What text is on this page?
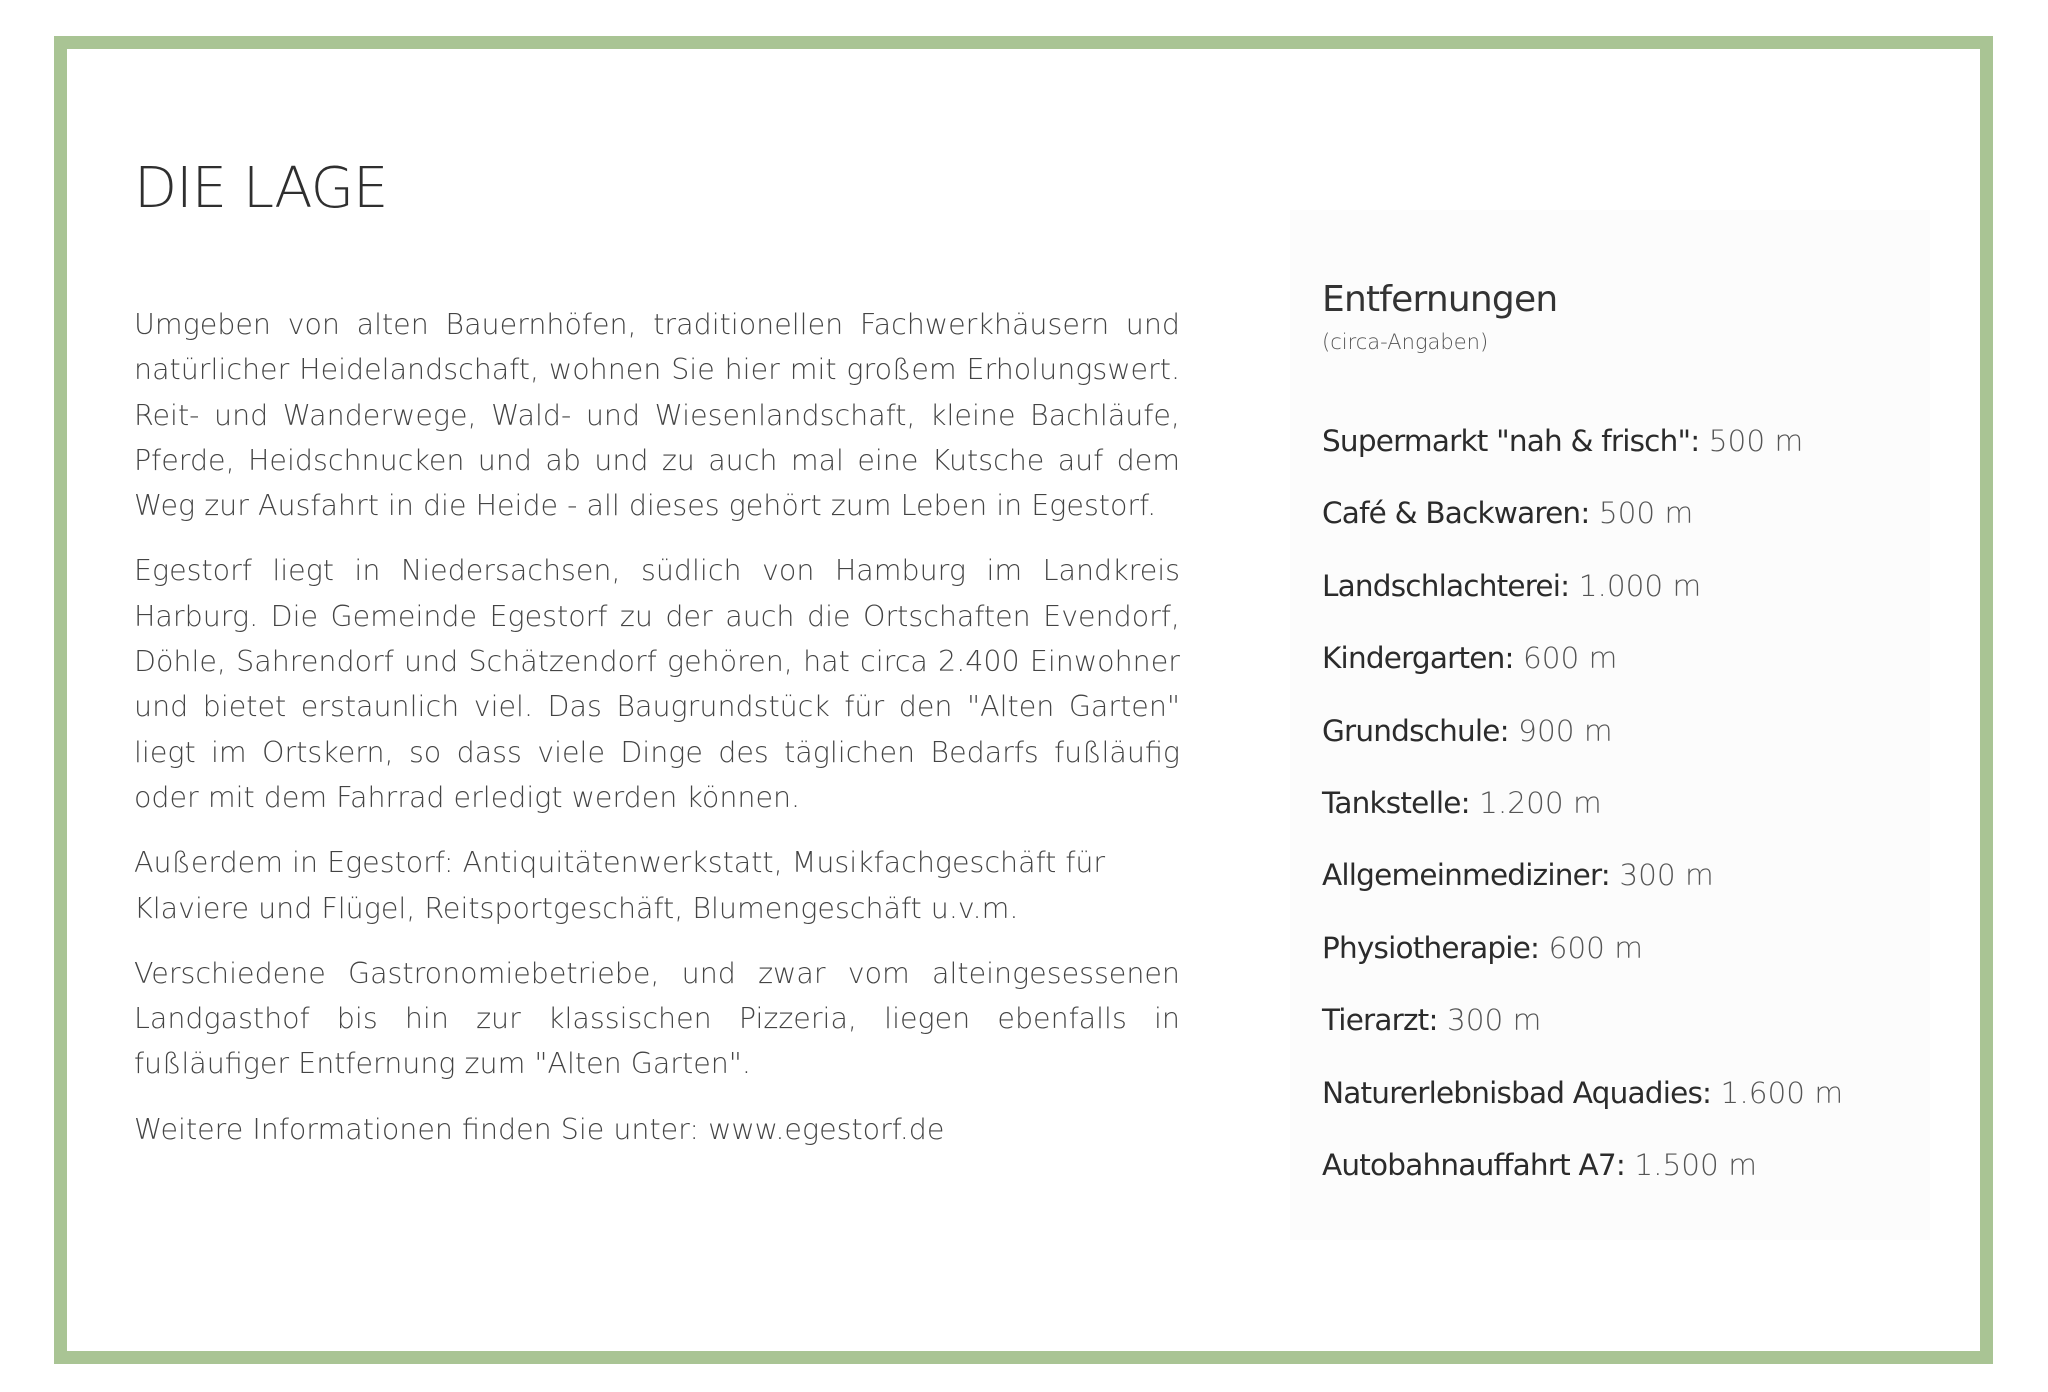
DIE LAGE

Umgeben von alten Bauernhöfen, traditionellen Fachwerkhäusern und natürlicher Heidelandschaft, wohnen Sie hier mit großem Erholungswert. Reit- und Wanderwege, Wald- und Wiesenlandschaft, kleine Bachläufe, Pferde, Heidschnucken und ab und zu auch mal eine Kutsche auf dem Weg zur Ausfahrt in die Heide - all dieses gehört zum Leben in Egestorf.

Egestorf liegt in Niedersachsen, südlich von Hamburg im Landkreis Harburg. Die Gemeinde Egestorf zu der auch die Ortschaften Evendorf, Döhle, Sahrendorf und Schätzendorf gehören, hat circa 2.400 Einwohner und bietet erstaunlich viel. Das Baugrundstück für den "Alten Garten" liegt im Ortskern, so dass viele Dinge des täglichen Bedarfs fußläufig oder mit dem Fahrrad erledigt werden können.

Außerdem in Egestorf: Antiquitätenwerkstatt, Musikfachgeschäft für Klaviere und Flügel, Reitsportgeschäft, Blumengeschäft u.v.m.

Verschiedene Gastronomiebetriebe, und zwar vom alteingesessenen Landgasthof bis hin zur klassischen Pizzeria, liegen ebenfalls in fußläufiger Entfernung zum "Alten Garten".

Weitere Informationen finden Sie unter: www.egestorf.de

Entfernungen

(circa-Angaben)

Supermarkt "nah & frisch": 500 m
Café & Backwaren: 500 m
Landschlachterei: 1.000 m
Kindergarten: 600 m
Grundschule: 900 m
Tankstelle: 1.200 m
Allgemeinmediziner: 300 m
Physiotherapie: 600 m
Tierarzt: 300 m
Naturerlebnisbad Aquadies: 1.600 m
Autobahnauffahrt A7: 1.500 m
